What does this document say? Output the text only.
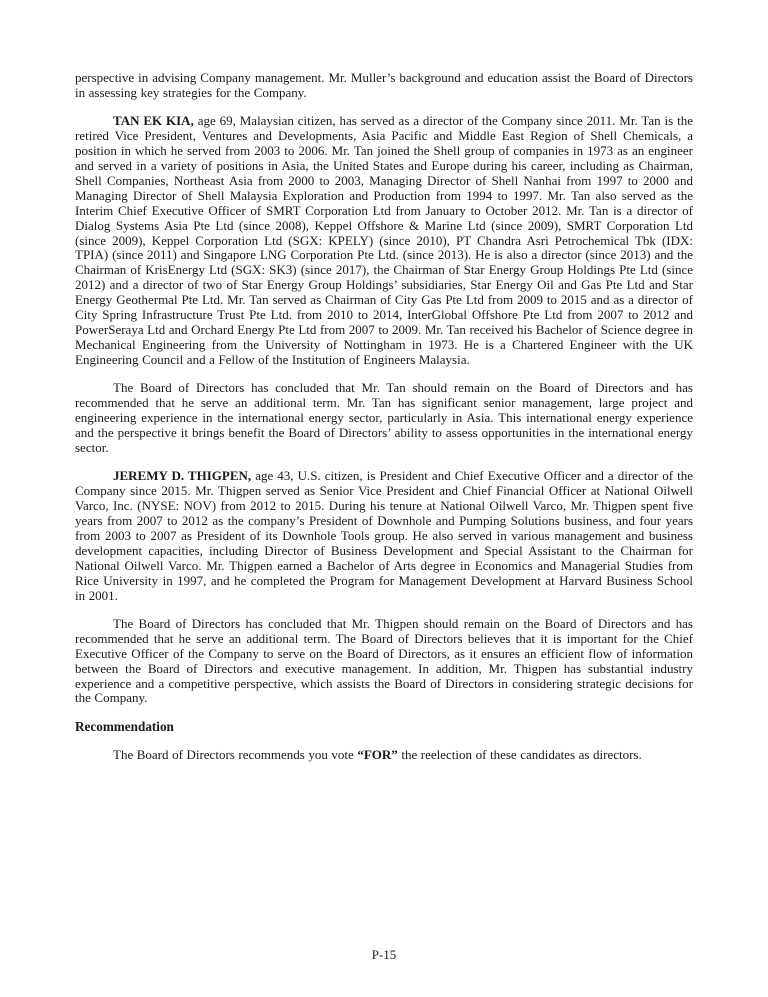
perspective in advising Company management. Mr. Muller’s background and education assist the Board of Directors in assessing key strategies for the Company.

TAN EK KIA, age 69, Malaysian citizen, has served as a director of the Company since 2011. Mr. Tan is the retired Vice President, Ventures and Developments, Asia Pacific and Middle East Region of Shell Chemicals, a position in which he served from 2003 to 2006. Mr. Tan joined the Shell group of companies in 1973 as an engineer and served in a variety of positions in Asia, the United States and Europe during his career, including as Chairman, Shell Companies, Northeast Asia from 2000 to 2003, Managing Director of Shell Nanhai from 1997 to 2000 and Managing Director of Shell Malaysia Exploration and Production from 1994 to 1997. Mr. Tan also served as the Interim Chief Executive Officer of SMRT Corporation Ltd from January to October 2012. Mr. Tan is a director of Dialog Systems Asia Pte Ltd (since 2008), Keppel Offshore & Marine Ltd (since 2009), SMRT Corporation Ltd (since 2009), Keppel Corporation Ltd (SGX: KPELY) (since 2010), PT Chandra Asri Petrochemical Tbk (IDX: TPIA) (since 2011) and Singapore LNG Corporation Pte Ltd. (since 2013). He is also a director (since 2013) and the Chairman of KrisEnergy Ltd (SGX: SK3) (since 2017), the Chairman of Star Energy Group Holdings Pte Ltd (since 2012) and a director of two of Star Energy Group Holdings’ subsidiaries, Star Energy Oil and Gas Pte Ltd and Star Energy Geothermal Pte Ltd. Mr. Tan served as Chairman of City Gas Pte Ltd from 2009 to 2015 and as a director of City Spring Infrastructure Trust Pte Ltd. from 2010 to 2014, InterGlobal Offshore Pte Ltd from 2007 to 2012 and PowerSeraya Ltd and Orchard Energy Pte Ltd from 2007 to 2009. Mr. Tan received his Bachelor of Science degree in Mechanical Engineering from the University of Nottingham in 1973. He is a Chartered Engineer with the UK Engineering Council and a Fellow of the Institution of Engineers Malaysia.

The Board of Directors has concluded that Mr. Tan should remain on the Board of Directors and has recommended that he serve an additional term. Mr. Tan has significant senior management, large project and engineering experience in the international energy sector, particularly in Asia. This international energy experience and the perspective it brings benefit the Board of Directors’ ability to assess opportunities in the international energy sector.

JEREMY D. THIGPEN, age 43, U.S. citizen, is President and Chief Executive Officer and a director of the Company since 2015. Mr. Thigpen served as Senior Vice President and Chief Financial Officer at National Oilwell Varco, Inc. (NYSE: NOV) from 2012 to 2015. During his tenure at National Oilwell Varco, Mr. Thigpen spent five years from 2007 to 2012 as the company’s President of Downhole and Pumping Solutions business, and four years from 2003 to 2007 as President of its Downhole Tools group. He also served in various management and business development capacities, including Director of Business Development and Special Assistant to the Chairman for National Oilwell Varco. Mr. Thigpen earned a Bachelor of Arts degree in Economics and Managerial Studies from Rice University in 1997, and he completed the Program for Management Development at Harvard Business School in 2001.

The Board of Directors has concluded that Mr. Thigpen should remain on the Board of Directors and has recommended that he serve an additional term. The Board of Directors believes that it is important for the Chief Executive Officer of the Company to serve on the Board of Directors, as it ensures an efficient flow of information between the Board of Directors and executive management. In addition, Mr. Thigpen has substantial industry experience and a competitive perspective, which assists the Board of Directors in considering strategic decisions for the Company.

Recommendation

The Board of Directors recommends you vote “FOR” the reelection of these candidates as directors.

P-15
